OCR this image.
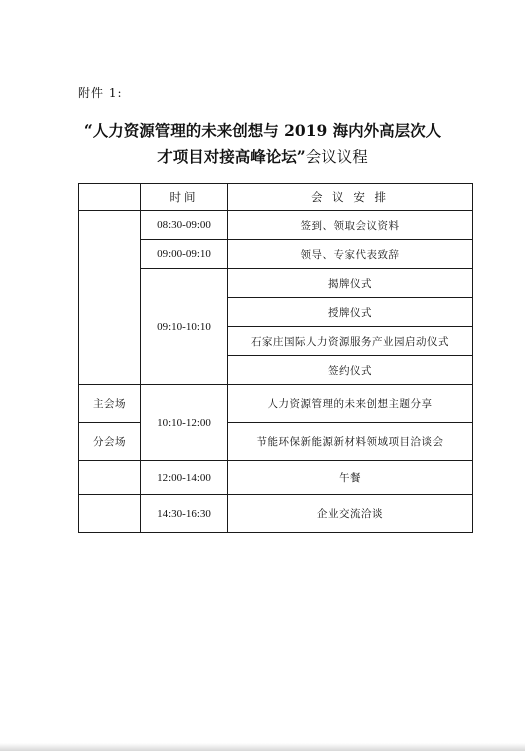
附件 1:
“人力资源管理的未来创想与 2019 海内外高层次人
才项目对接高峰论坛”会议议程
	时间	会 议 安 排
	08:30-09:00	签到、领取会议资料
	09:00-09:10	领导、专家代表致辞
	09:10-10:10	揭牌仪式
		授牌仪式
		石家庄国际人力资源服务产业园启动仪式
		签约仪式
主会场	10:10-12:00	人力资源管理的未来创想主题分享
分会场		节能环保新能源新材料领域项目洽谈会
	12:00-14:00	午餐
	14:30-16:30	企业交流洽谈
